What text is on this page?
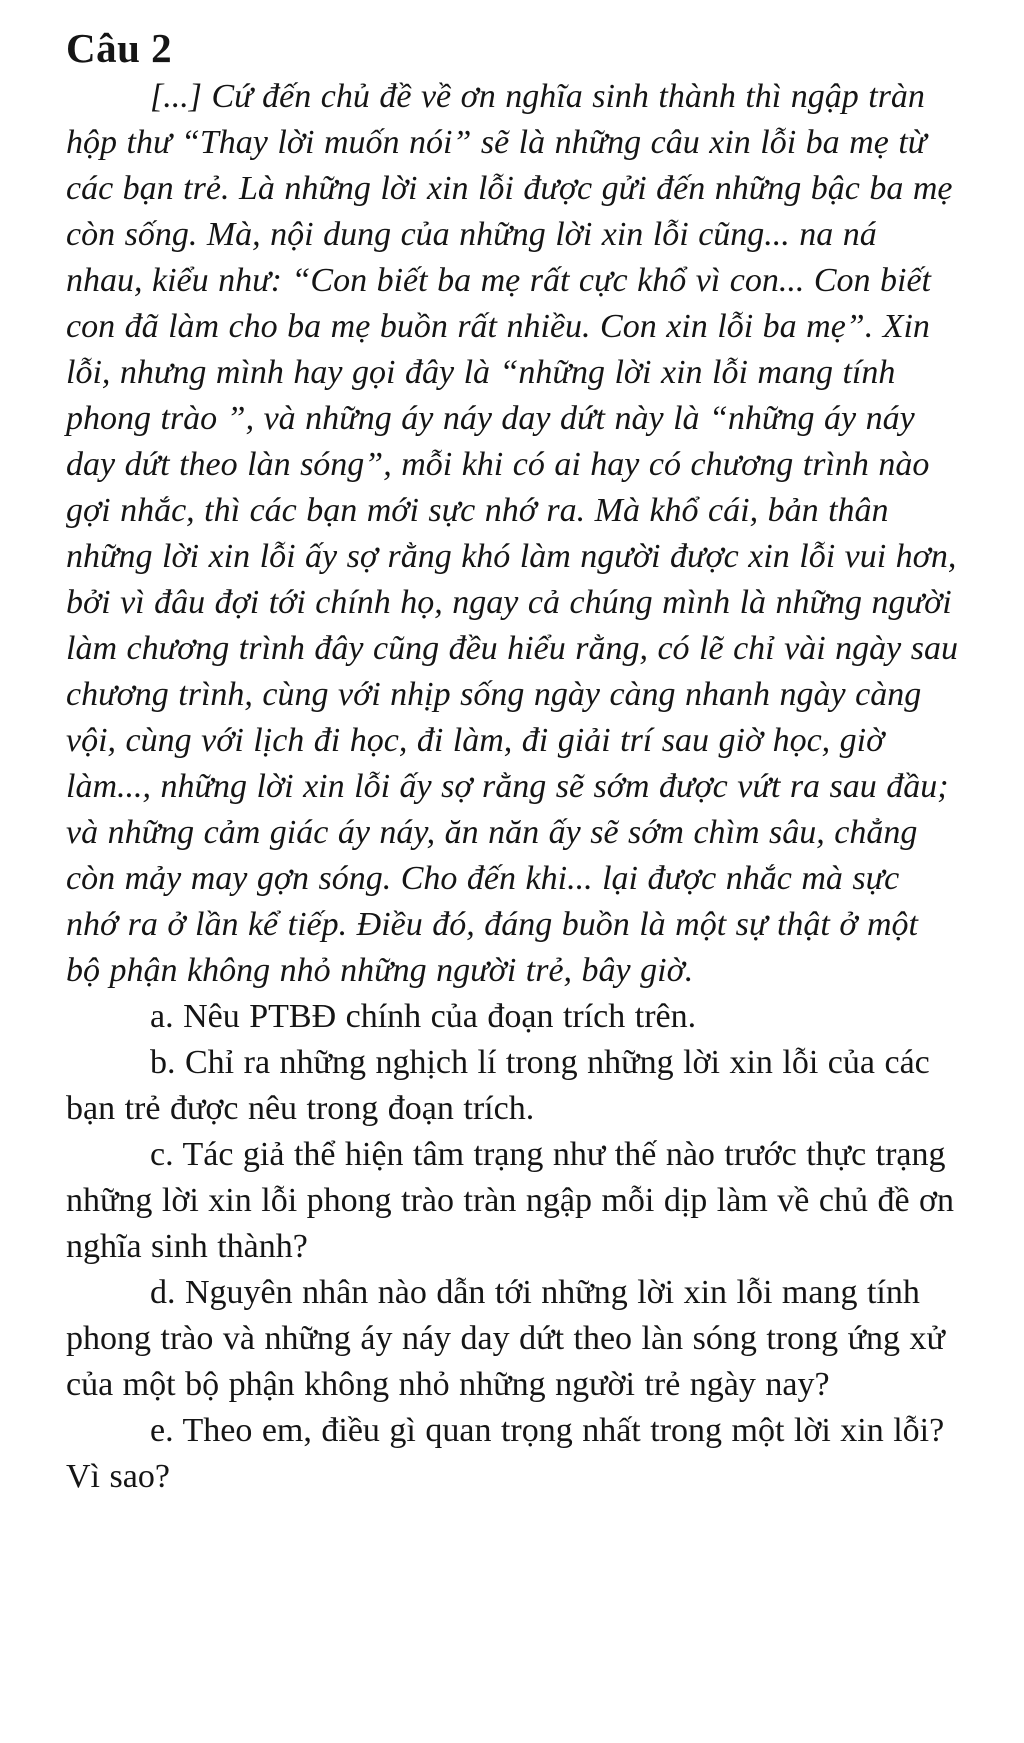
Câu 2

[...] Cứ đến chủ đề về ơn nghĩa sinh thành thì ngập tràn hộp thư “Thay lời muốn nói” sẽ là những câu xin lỗi ba mẹ từ các bạn trẻ. Là những lời xin lỗi được gửi đến những bậc ba mẹ còn sống. Mà, nội dung của những lời xin lỗi cũng... na ná nhau, kiểu như: “Con biết ba mẹ rất cực khổ vì con... Con biết con đã làm cho ba mẹ buồn rất nhiều. Con xin lỗi ba mẹ”. Xin lỗi, nhưng mình hay gọi đây là “những lời xin lỗi mang tính phong trào ”, và những áy náy day dứt này là “những áy náy day dứt theo làn sóng”, mỗi khi có ai hay có chương trình nào gợi nhắc, thì các bạn mới sực nhớ ra. Mà khổ cái, bản thân những lời xin lỗi ấy sợ rằng khó làm người được xin lỗi vui hơn, bởi vì đâu đợi tới chính họ, ngay cả chúng mình là những người làm chương trình đây cũng đều hiểu rằng, có lẽ chỉ vài ngày sau chương trình, cùng với nhịp sống ngày càng nhanh ngày càng vội, cùng với lịch đi học, đi làm, đi giải trí sau giờ học, giờ làm..., những lời xin lỗi ấy sợ rằng sẽ sớm được vứt ra sau đầu; và những cảm giác áy náy, ăn năn ấy sẽ sớm chìm sâu, chẳng còn mảy may gợn sóng. Cho đến khi... lại được nhắc mà sực nhớ ra ở lần kể tiếp. Điều đó, đáng buồn là một sự thật ở một bộ phận không nhỏ những người trẻ, bây giờ.

a. Nêu PTBĐ chính của đoạn trích trên.

b. Chỉ ra những nghịch lí trong những lời xin lỗi của các bạn trẻ được nêu trong đoạn trích.

c. Tác giả thể hiện tâm trạng như thế nào trước thực trạng những lời xin lỗi phong trào tràn ngập mỗi dịp làm về chủ đề ơn nghĩa sinh thành?

d. Nguyên nhân nào dẫn tới những lời xin lỗi mang tính phong trào và những áy náy day dứt theo làn sóng trong ứng xử của một bộ phận không nhỏ những người trẻ ngày nay?

e. Theo em, điều gì quan trọng nhất trong một lời xin lỗi? Vì sao?
